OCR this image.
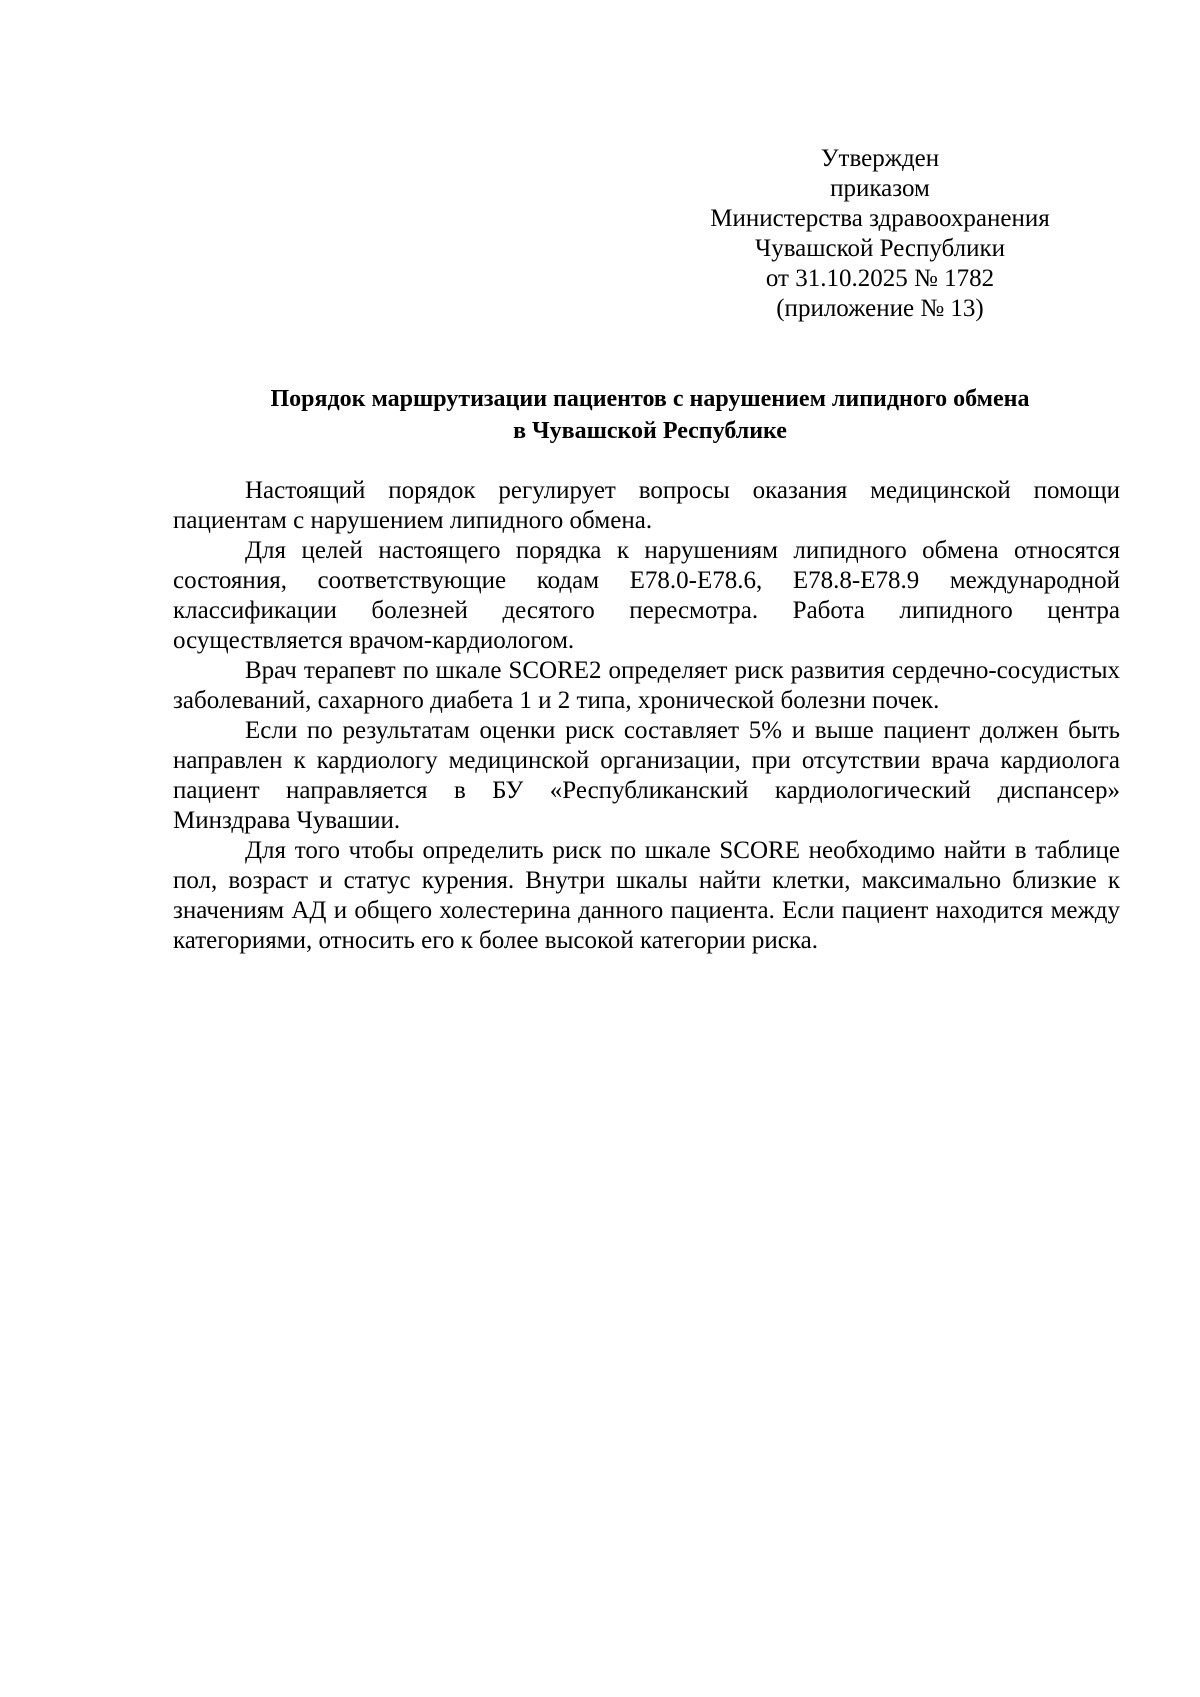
Утвержден
приказом
Министерства здравоохранения
Чувашской Республики
от 31.10.2025 № 1782
(приложение № 13)
Порядок маршрутизации пациентов с нарушением липидного обмена
в Чувашской Республике

Настоящий порядок регулирует вопросы оказания медицинской помощи пациентам с нарушением липидного обмена.

Для целей настоящего порядка к нарушениям липидного обмена относятся состояния, соответствующие кодам E78.0-E78.6, E78.8-E78.9 международной классификации болезней десятого пересмотра. Работа липидного центра осуществляется врачом-кардиологом.

Врач терапевт по шкале SCORE2 определяет риск развития сердечно-сосудистых заболеваний, сахарного диабета 1 и 2 типа, хронической болезни почек.

Если по результатам оценки риск составляет 5% и выше пациент должен быть направлен к кардиологу медицинской организации, при отсутствии врача кардиолога пациент направляется в БУ «Республиканский кардиологический диспансер» Минздрава Чувашии.

Для того чтобы определить риск по шкале SCORE необходимо найти в таблице пол, возраст и статус курения. Внутри шкалы найти клетки, максимально близкие к значениям АД и общего холестерина данного пациента. Если пациент находится между категориями, относить его к более высокой категории риска.
